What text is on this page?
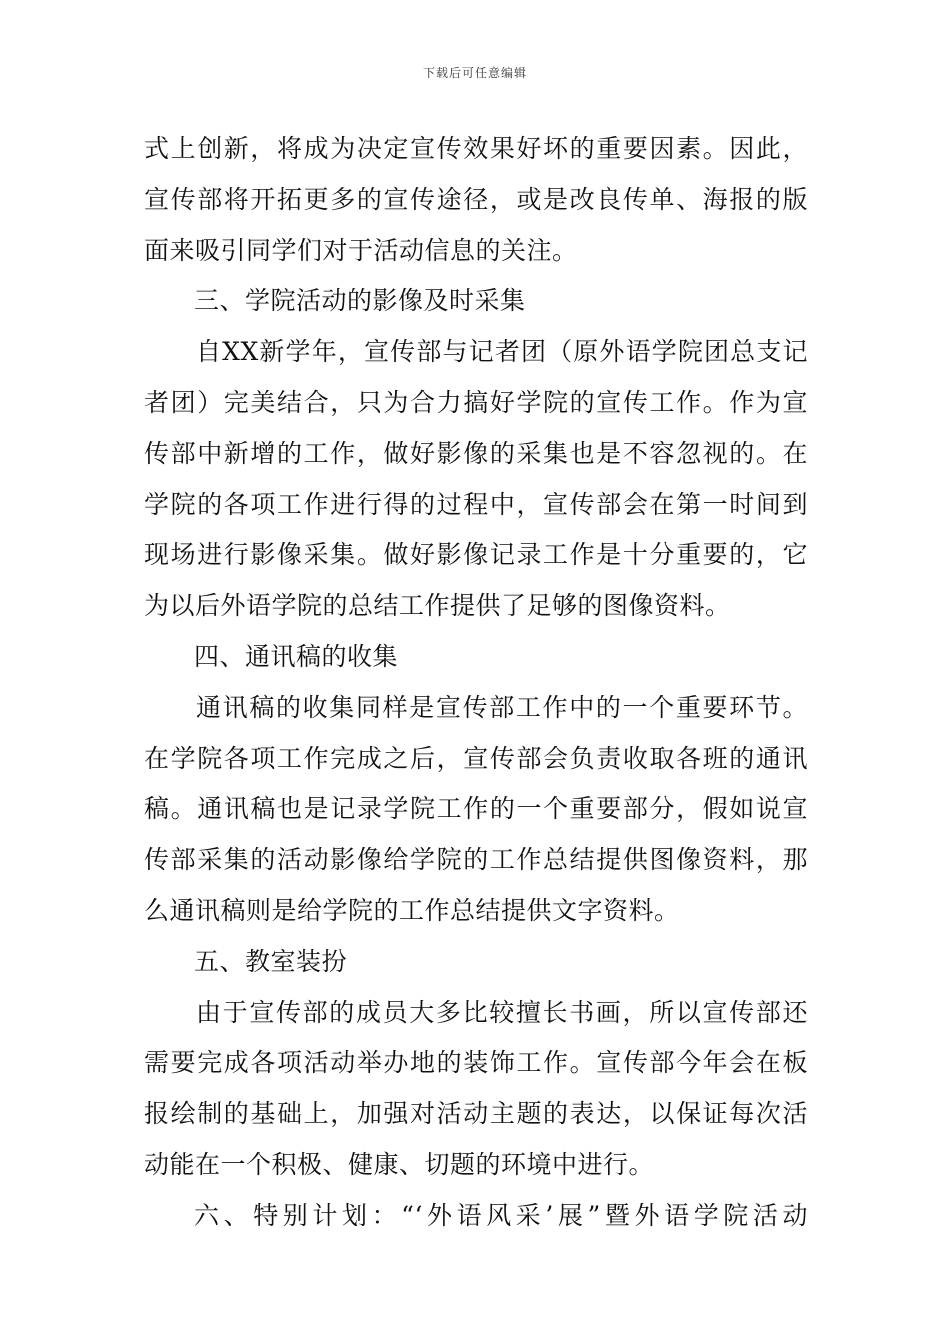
下载后可任意编辑
式上创新，将成为决定宣传效果好坏的重要因素。因此，
宣传部将开拓更多的宣传途径，或是改良传单、海报的版
面来吸引同学们对于活动信息的关注。
三、学院活动的影像及时采集
自XX新学年，宣传部与记者团（原外语学院团总支记
者团）完美结合，只为合力搞好学院的宣传工作。作为宣
传部中新增的工作，做好影像的采集也是不容忽视的。在
学院的各项工作进行得的过程中，宣传部会在第一时间到
现场进行影像采集。做好影像记录工作是十分重要的，它
为以后外语学院的总结工作提供了足够的图像资料。
四、通讯稿的收集
通讯稿的收集同样是宣传部工作中的一个重要环节。
在学院各项工作完成之后，宣传部会负责收取各班的通讯
稿。通讯稿也是记录学院工作的一个重要部分，假如说宣
传部采集的活动影像给学院的工作总结提供图像资料，那
么通讯稿则是给学院的工作总结提供文字资料。
五、教室装扮
由于宣传部的成员大多比较擅长书画，所以宣传部还
需要完成各项活动举办地的装饰工作。宣传部今年会在板
报绘制的基础上，加强对活动主题的表达，以保证每次活
动能在一个积极、健康、切题的环境中进行。
六、特别计划：“‘外语风采’展”暨外语学院活动
